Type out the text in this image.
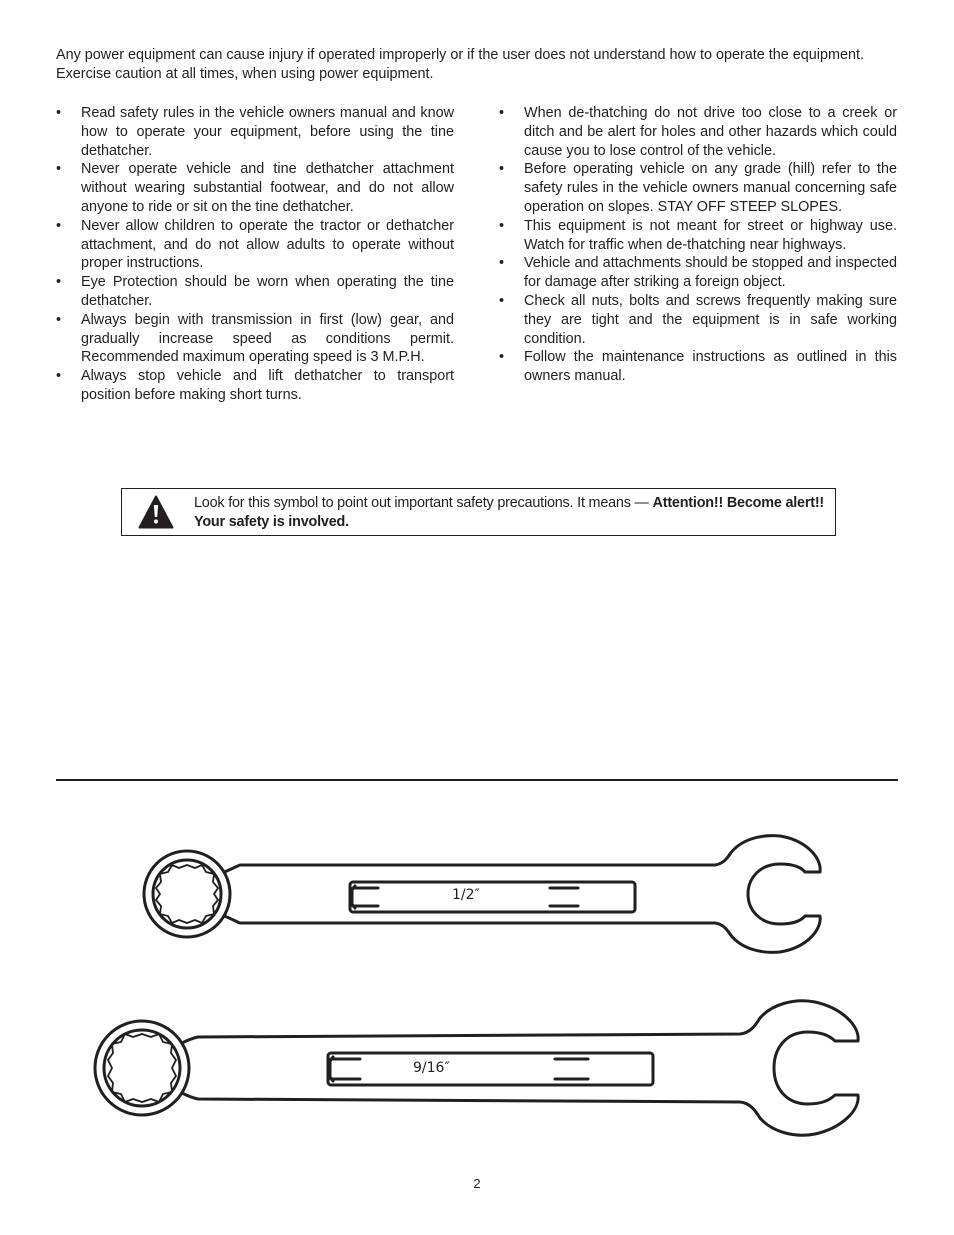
Any power equipment can cause injury if operated improperly or if the user does not understand how to operate the equipment. Exercise caution at all times, when using power equipment.

• Read safety rules in the vehicle owners manual and know how to operate your equipment, before using the tine dethatcher.
• Never operate vehicle and tine dethatcher attachment without wearing substantial footwear, and do not allow anyone to ride or sit on the tine dethatcher.
• Never allow children to operate the tractor or dethatcher attachment, and do not allow adults to operate without proper instructions.
• Eye Protection should be worn when operating the tine dethatcher.
• Always begin with transmission in first (low) gear, and gradually increase speed as conditions permit. Recommended maximum operating speed is 3 M.P.H.
• Always stop vehicle and lift dethatcher to transport position before making short turns.
• When de-thatching do not drive too close to a creek or ditch and be alert for holes and other hazards which could cause you to lose control of the vehicle.
• Before operating vehicle on any grade (hill) refer to the safety rules in the vehicle owners manual concerning safe operation on slopes. STAY OFF STEEP SLOPES.
• This equipment is not meant for street or highway use. Watch for traffic when de-thatching near highways.
• Vehicle and attachments should be stopped and inspected for damage after striking a foreign object.
• Check all nuts, bolts and screws frequently making sure they are tight and the equipment is in safe working condition.
• Follow the maintenance instructions as outlined in this owners manual.
Look for this symbol to point out important safety precautions. It means — Attention!! Become alert!! Your safety is involved.
1/2″
9/16″
2
